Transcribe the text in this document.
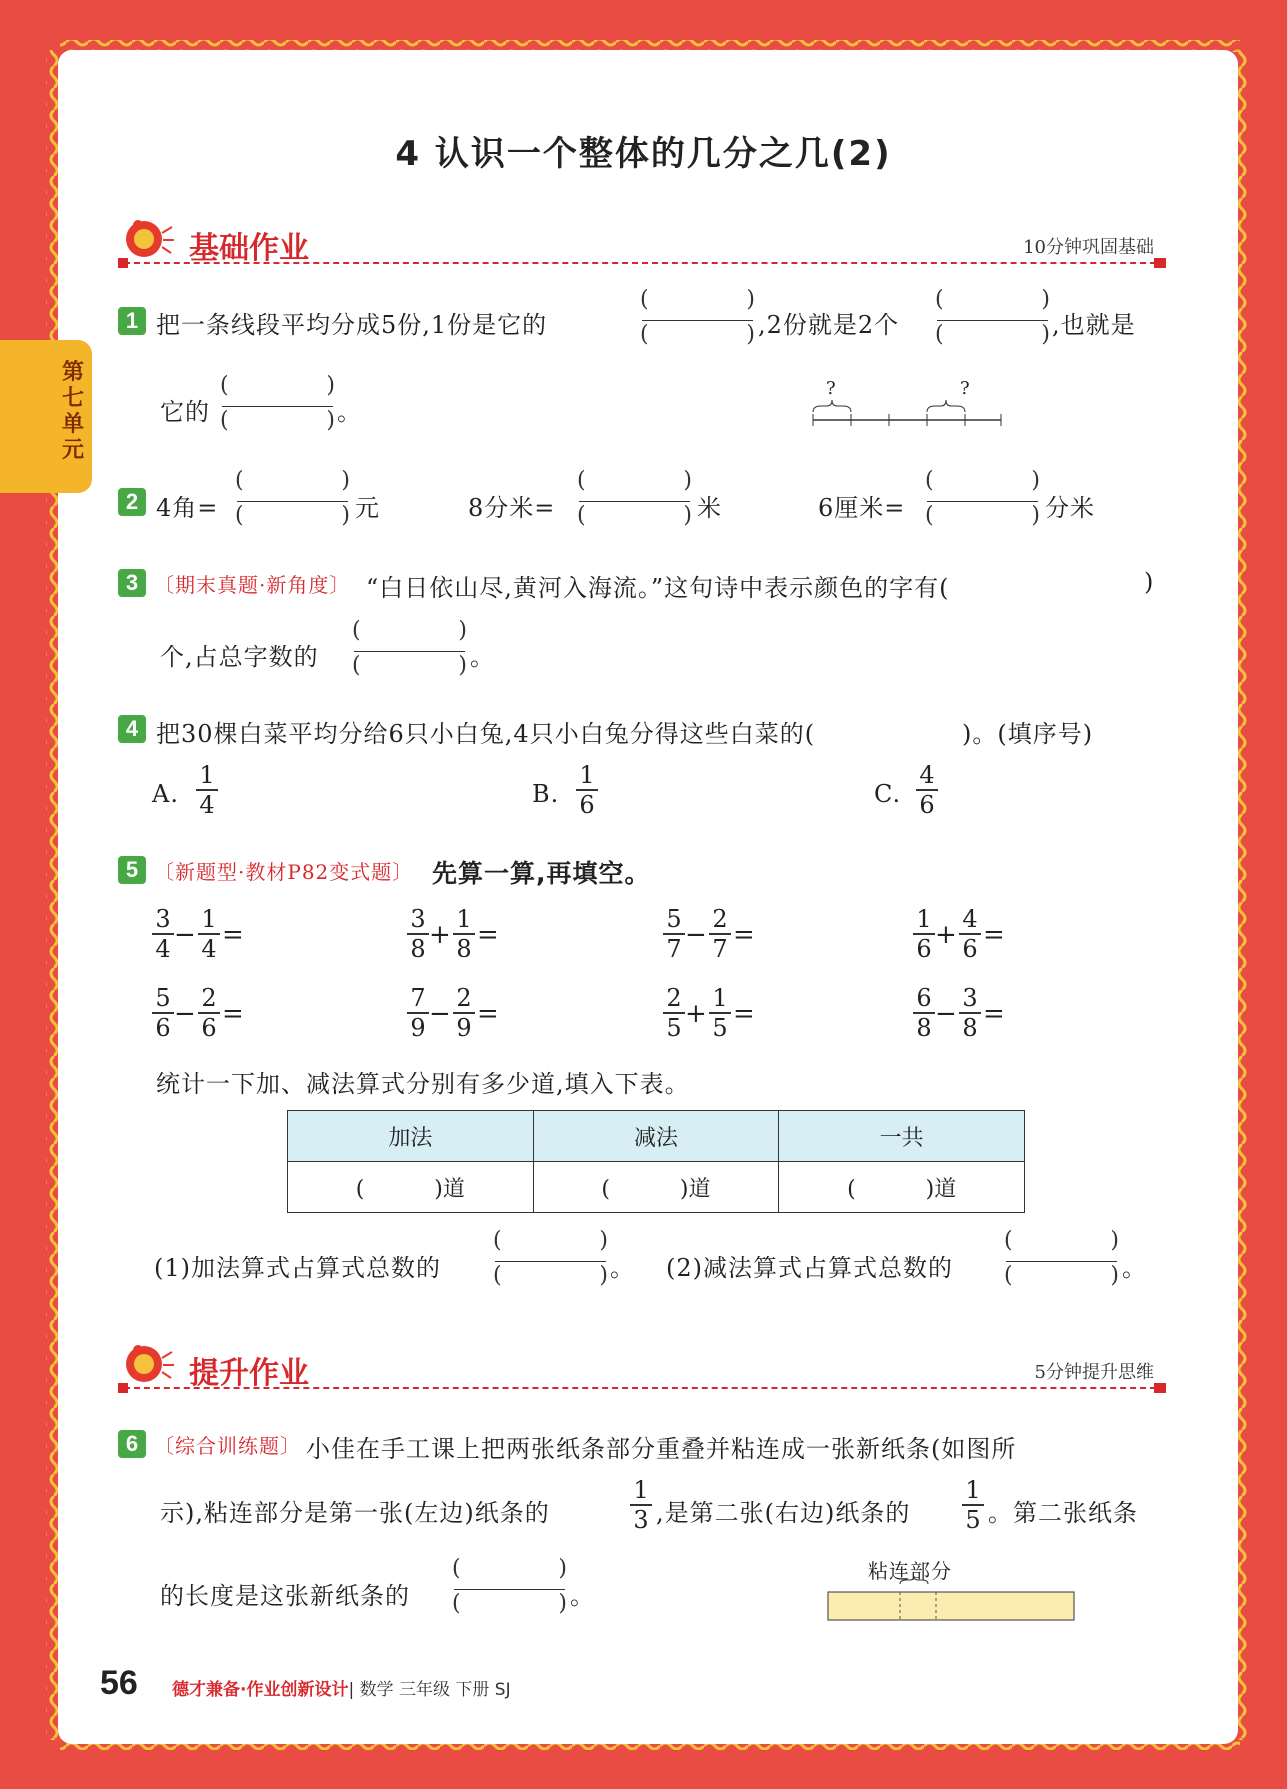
第七单元
4 认识一个整体的几分之几(2)
基础作业	10分钟巩固基础
1 把一条线段平均分成5份,1份是它的
(	)
(	) ,2份就是2个
(	)
(	) ,也就是
它的
(	)
(	) 。
?	?
2 4角=
(	)
(	) 元	8分米=
(	)
(	) 米	6厘米=
(	)
(	) 分米
3 〔期末真题·新角度〕 “白日依山尽,黄河入海流。”这句诗中表示颜色的字有(	)
个,占总字数的
(	)
(	) 。
4 把30棵白菜平均分给6只小白兔,4只小白兔分得这些白菜的(	)。(填序号)
A.
1
4	B.
1
6	C.
4
6
5 〔新题型·教材P82变式题〕 先算一算,再填空。
3
4 −
1
4 =
3
8 +
1
8 =
5
7 −
2
7 =
1
6 +
4
6 =
5
6 −
2
6 =
7
9 −
2
9 =
2
5 +
1
5 =
6
8 −
3
8 =
统计一下加、减法算式分别有多少道,填入下表。
加法	减法	一共
(          )道	(          )道	(          )道
(1)加法算式占算式总数的
(	)
(	) 。 (2)减法算式占算式总数的
(	)
(	) 。
提升作业	5分钟提升思维
6 〔综合训练题〕 小佳在手工课上把两张纸条部分重叠并粘连成一张新纸条(如图所
示),粘连部分是第一张(左边)纸条的
1
3 ,是第二张(右边)纸条的
1
5 。第二张纸条
的长度是这张新纸条的
(	)
(	) 。
粘连部分
56 德才兼备·作业创新设计| 数学 三年级 下册 SJ
